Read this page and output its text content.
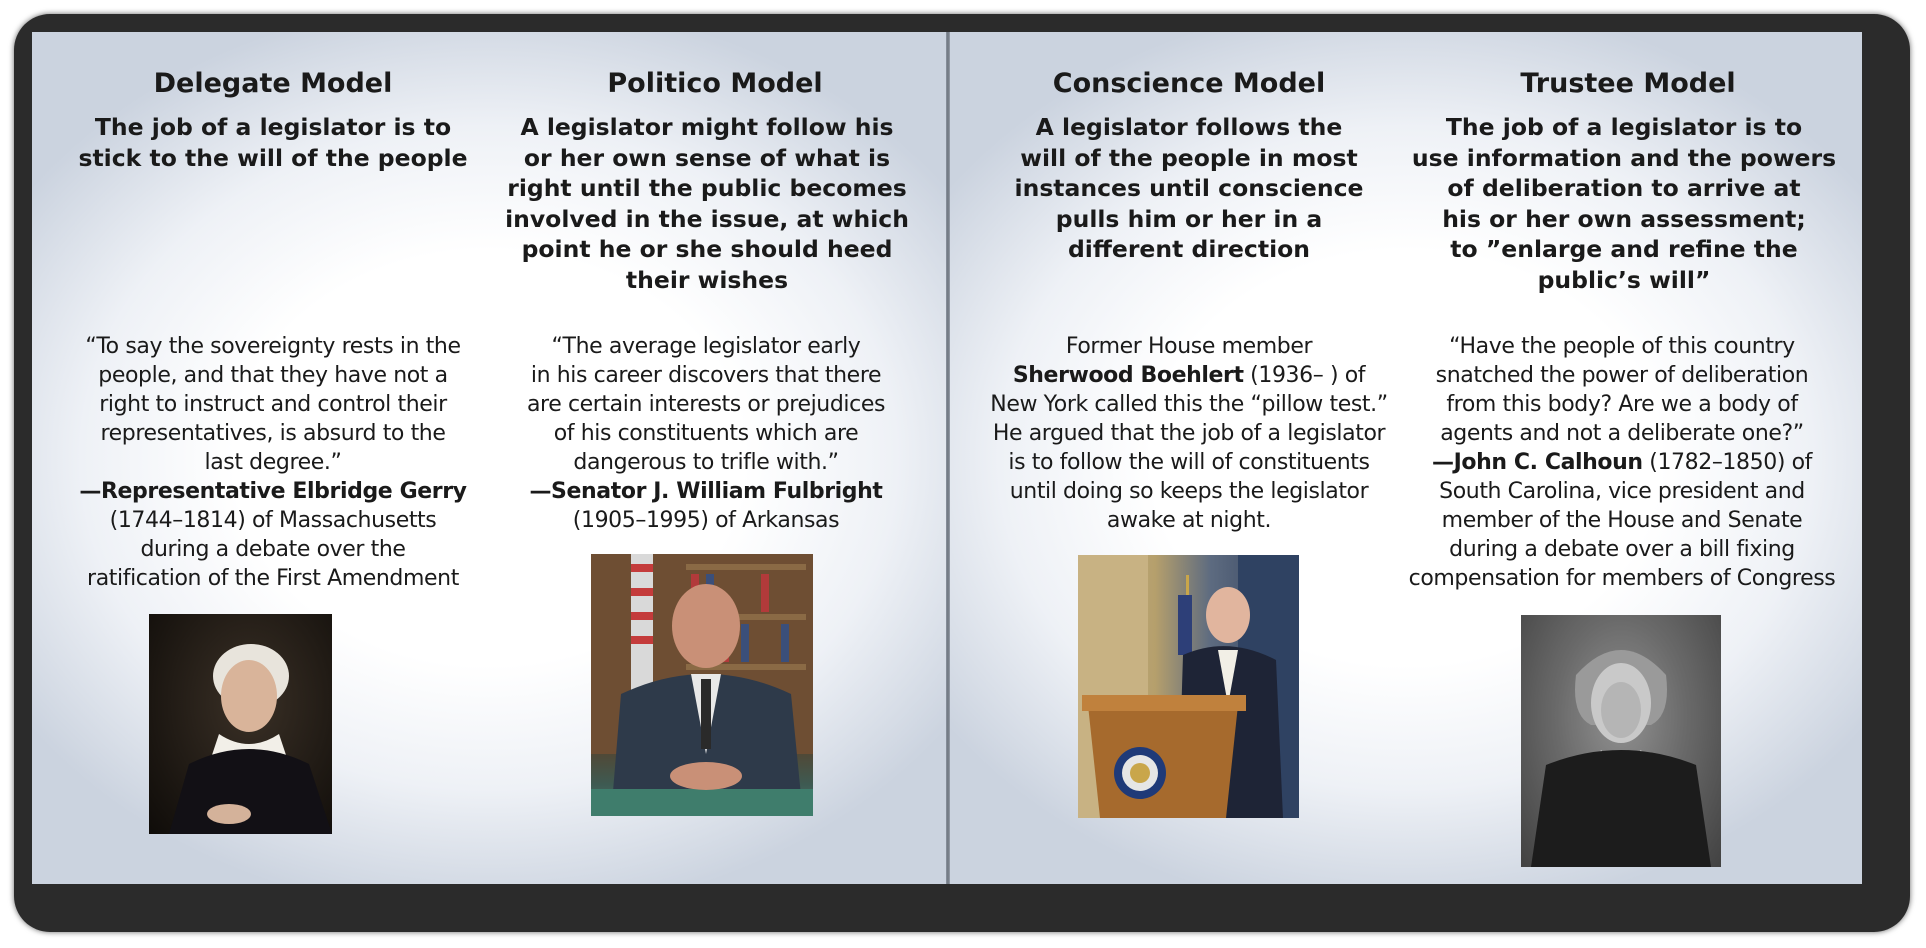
Delegate Model
The job of a legislator is to
stick to the will of the people
“To say the sovereignty rests in the
people, and that they have not a
right to instruct and control their
representatives, is absurd to the
last degree.”
—Representative Elbridge Gerry
(1744–1814) of Massachusetts
during a debate over the
ratification of the First Amendment
Politico Model
A legislator might follow his
or her own sense of what is
right until the public becomes
involved in the issue, at which
point he or she should heed
their wishes
“The average legislator early
in his career discovers that there
are certain interests or prejudices
of his constituents which are
dangerous to trifle with.”
—Senator J. William Fulbright
(1905–1995) of Arkansas
Conscience Model
A legislator follows the
will of the people in most
instances until conscience
pulls him or her in a
different direction
Former House member
Sherwood Boehlert (1936– ) of
New York called this the “pillow test.”
He argued that the job of a legislator
is to follow the will of constituents
until doing so keeps the legislator
awake at night.
Trustee Model
The job of a legislator is to
use information and the powers
of deliberation to arrive at
his or her own assessment;
to ”enlarge and refine the
public’s will”
“Have the people of this country
snatched the power of deliberation
from this body? Are we a body of
agents and not a deliberate one?”
—John C. Calhoun (1782–1850) of
South Carolina, vice president and
member of the House and Senate
during a debate over a bill fixing
compensation for members of Congress
